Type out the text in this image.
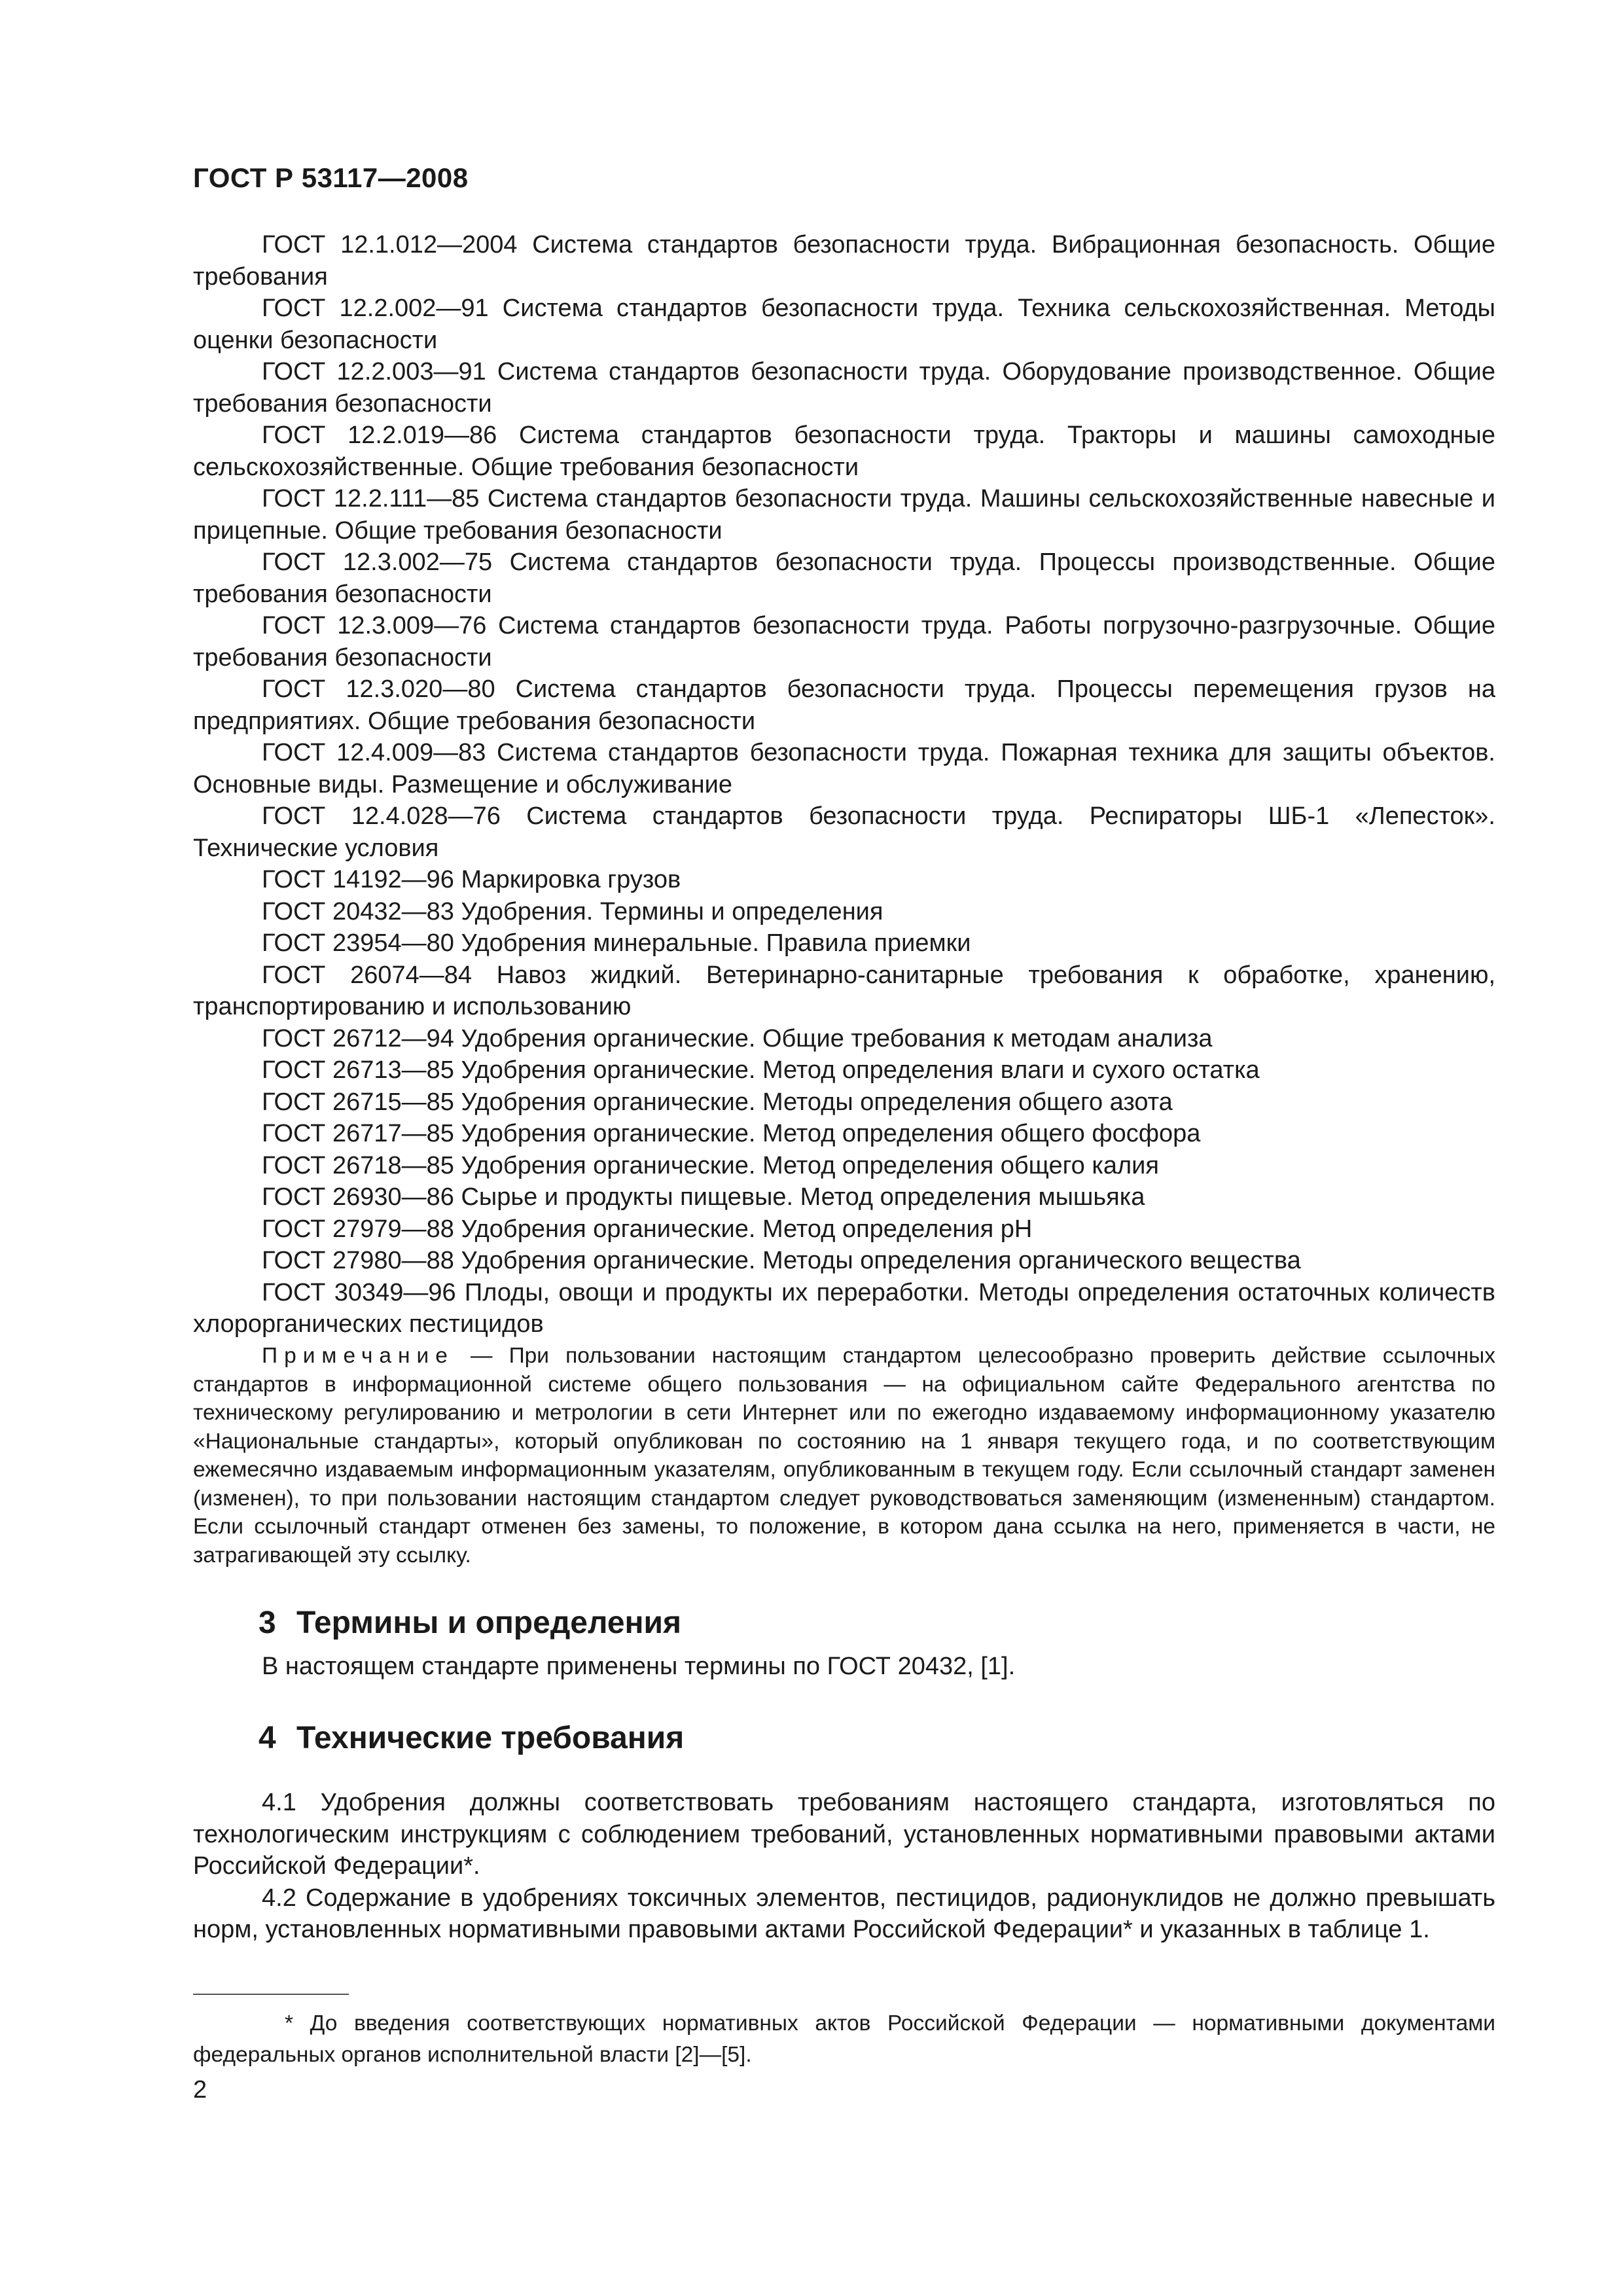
ГОСТ Р 53117—2008

ГОСТ 12.1.012—2004 Система стандартов безопасности труда. Вибрационная безопасность. Общие требования

ГОСТ 12.2.002—91 Система стандартов безопасности труда. Техника сельскохозяйственная. Методы оценки безопасности

ГОСТ 12.2.003—91 Система стандартов безопасности труда. Оборудование производственное. Общие требования безопасности

ГОСТ 12.2.019—86 Система стандартов безопасности труда. Тракторы и машины самоходные сельскохозяйственные. Общие требования безопасности

ГОСТ 12.2.111—85 Система стандартов безопасности труда. Машины сельскохозяйственные навесные и прицепные. Общие требования безопасности

ГОСТ 12.3.002—75 Система стандартов безопасности труда. Процессы производственные. Общие требования безопасности

ГОСТ 12.3.009—76 Система стандартов безопасности труда. Работы погрузочно-разгрузочные. Общие требования безопасности

ГОСТ 12.3.020—80 Система стандартов безопасности труда. Процессы перемещения грузов на предприятиях. Общие требования безопасности

ГОСТ 12.4.009—83 Система стандартов безопасности труда. Пожарная техника для защиты объектов. Основные виды. Размещение и обслуживание

ГОСТ 12.4.028—76 Система стандартов безопасности труда. Респираторы ШБ-1 «Лепесток». Технические условия

ГОСТ 14192—96 Маркировка грузов

ГОСТ 20432—83 Удобрения. Термины и определения

ГОСТ 23954—80 Удобрения минеральные. Правила приемки

ГОСТ 26074—84 Навоз жидкий. Ветеринарно-санитарные требования к обработке, хранению, транспортированию и использованию

ГОСТ 26712—94 Удобрения органические. Общие требования к методам анализа

ГОСТ 26713—85 Удобрения органические. Метод определения влаги и сухого остатка

ГОСТ 26715—85 Удобрения органические. Методы определения общего азота

ГОСТ 26717—85 Удобрения органические. Метод определения общего фосфора

ГОСТ 26718—85 Удобрения органические. Метод определения общего калия

ГОСТ 26930—86 Сырье и продукты пищевые. Метод определения мышьяка

ГОСТ 27979—88 Удобрения органические. Метод определения pH

ГОСТ 27980—88 Удобрения органические. Методы определения органического вещества

ГОСТ 30349—96 Плоды, овощи и продукты их переработки. Методы определения остаточных количеств хлорорганических пестицидов

Примечание — При пользовании настоящим стандартом целесообразно проверить действие ссылочных стандартов в информационной системе общего пользования — на официальном сайте Федерального агентства по техническому регулированию и метрологии в сети Интернет или по ежегодно издаваемому информационному указателю «Национальные стандарты», который опубликован по состоянию на 1 января текущего года, и по соответствующим ежемесячно издаваемым информационным указателям, опубликованным в текущем году. Если ссылочный стандарт заменен (изменен), то при пользовании настоящим стандартом следует руководствоваться заменяющим (измененным) стандартом. Если ссылочный стандарт отменен без замены, то положение, в котором дана ссылка на него, применяется в части, не затрагивающей эту ссылку.

3 Термины и определения

В настоящем стандарте применены термины по ГОСТ 20432, [1].

4 Технические требования

4.1 Удобрения должны соответствовать требованиям настоящего стандарта, изготовляться по технологическим инструкциям с соблюдением требований, установленных нормативными правовыми актами Российской Федерации*.

4.2 Содержание в удобрениях токсичных элементов, пестицидов, радионуклидов не должно превышать норм, установленных нормативными правовыми актами Российской Федерации* и указанных в таблице 1.

* До введения соответствующих нормативных актов Российской Федерации — нормативными документами федеральных органов исполнительной власти [2]—[5].

2
